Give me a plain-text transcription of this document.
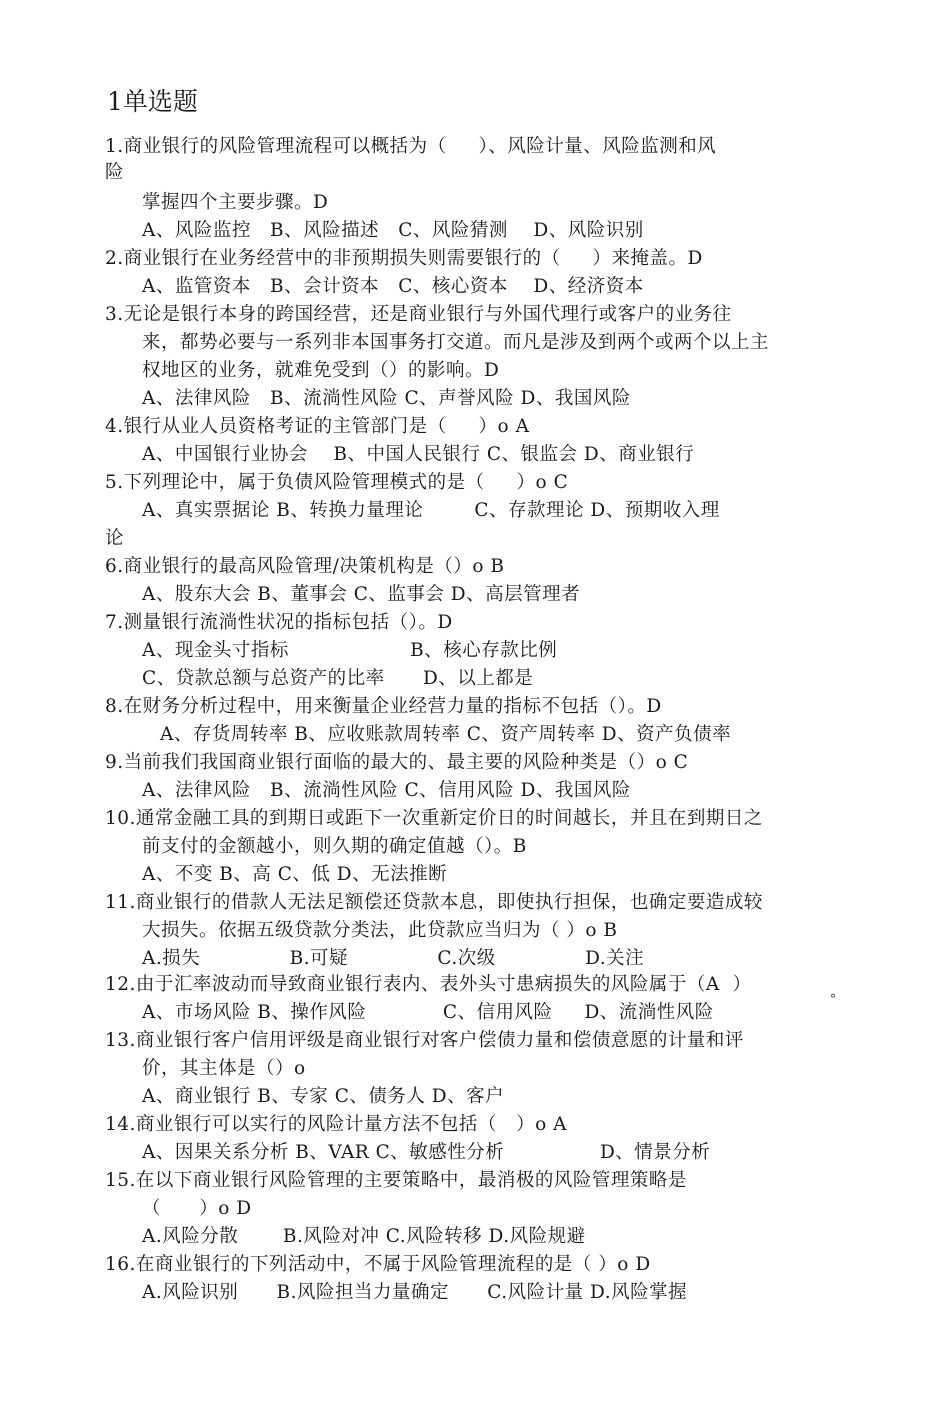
1单选题
1.商业银行的风险管理流程可以概括为（     ）、风险计量、风险监测和风
险
掌握四个主要步骤。D
A、风险监控   B、风险描述   C、风险猜测    D、风险识别
2.商业银行在业务经营中的非预期损失则需要银行的（     ）来掩盖。D
A、监管资本   B、会计资本   C、核心资本    D、经济资本
3.无论是银行本身的跨国经营，还是商业银行与外国代理行或客户的业务往
来，都势必要与一系列非本国事务打交道。而凡是涉及到两个或两个以上主
权地区的业务，就难免受到（）的影响。D
A、法律风险   B、流淌性风险 C、声誉风险 D、我国风险
4.银行从业人员资格考证的主管部门是（     ）o A
A、中国银行业协会    B、中国人民银行 C、银监会 D、商业银行
5.下列理论中，属于负债风险管理模式的是（     ）o C
A、真实票据论 B、转换力量理论        C、存款理论 D、预期收入理
论
6.商业银行的最高风险管理/决策机构是（）o B
A、股东大会 B、董事会 C、监事会 D、高层管理者
7.测量银行流淌性状况的指标包括（）。D
A、现金头寸指标                   B、核心存款比例
C、贷款总额与总资产的比率      D、以上都是
8.在财务分析过程中，用来衡量企业经营力量的指标不包括（）。D
A、存货周转率 B、应收账款周转率 C、资产周转率 D、资产负债率
9.当前我们我国商业银行面临的最大的、最主要的风险种类是（）o C
A、法律风险   B、流淌性风险 C、信用风险 D、我国风险
10.通常金融工具的到期日或距下一次重新定价日的时间越长，并且在到期日之
前支付的金额越小，则久期的确定值越（）。B
A、不变 B、高 C、低 D、无法推断
11.商业银行的借款人无法足额偿还贷款本息，即使执行担保，也确定要造成较
大损失。依据五级贷款分类法，此贷款应当归为（ ）o B
A.损失              B.可疑              C.次级              D.关注
12.由于汇率波动而导致商业银行表内、表外头寸患病损失的风险属于（A  ）
A、市场风险 B、操作风险            C、信用风险     D、流淌性风险
°
13.商业银行客户信用评级是商业银行对客户偿债力量和偿债意愿的计量和评
价，其主体是（）o
A、商业银行 B、专家 C、债务人 D、客户
14.商业银行可以实行的风险计量方法不包括（   ）o A
A、因果关系分析 B、VAR C、敏感性分析               D、情景分析
15.在以下商业银行风险管理的主要策略中，最消极的风险管理策略是
（      ）o D
A.风险分散       B.风险对冲 C.风险转移 D.风险规避
16.在商业银行的下列活动中，不属于风险管理流程的是（ ）o D
A.风险识别      B.风险担当力量确定      C.风险计量 D.风险掌握
